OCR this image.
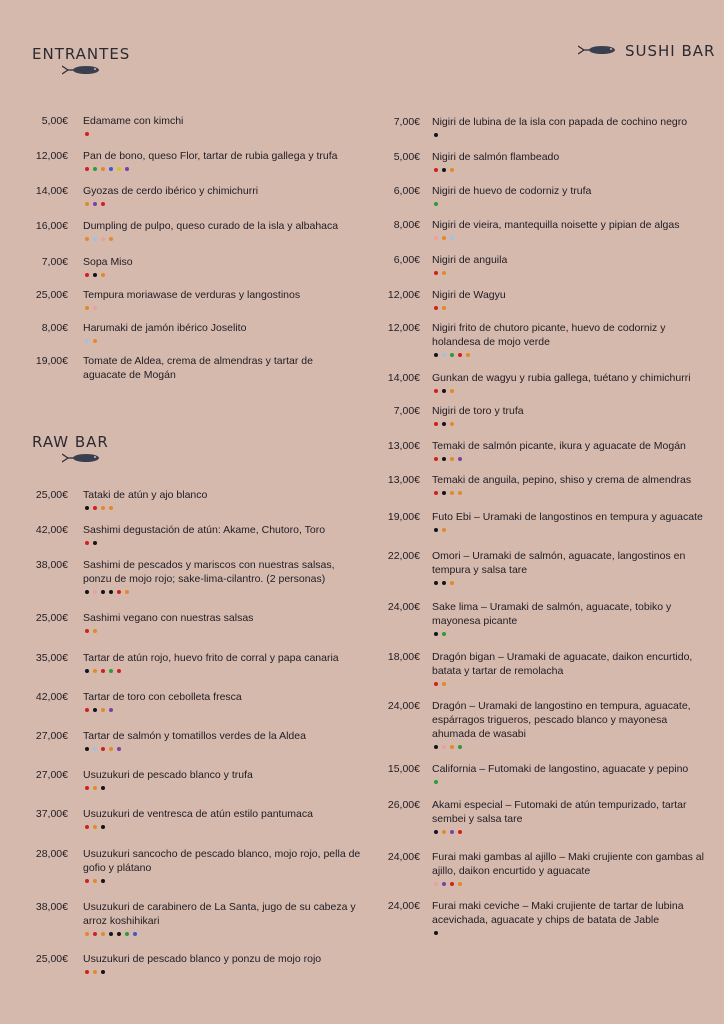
ENTRANTES	SUSHI BAR
RAW BAR
5,00€ Edamame con kimchi
12,00€ Pan de bono, queso Flor, tartar de rubia gallega y trufa
14,00€ Gyozas de cerdo ibérico y chimichurri
16,00€ Dumpling de pulpo, queso curado de la isla y albahaca
7,00€ Sopa Miso
25,00€ Tempura moriawase de verduras y langostinos
8,00€ Harumaki de jamón ibérico Joselito
19,00€ Tomate de Aldea, crema de almendras y tartar de aguacate de Mogán
25,00€ Tataki de atún y ajo blanco
42,00€ Sashimi degustación de atún: Akame, Chutoro, Toro
38,00€ Sashimi de pescados y mariscos con nuestras salsas, ponzu de mojo rojo; sake-lima-cilantro. (2 personas)
25,00€ Sashimi vegano con nuestras salsas
35,00€ Tartar de atún rojo, huevo frito de corral y papa canaria
42,00€ Tartar de toro con cebolleta fresca
27,00€ Tartar de salmón y tomatillos verdes de la Aldea
27,00€ Usuzukuri de pescado blanco y trufa
37,00€ Usuzukuri de ventresca de atún estilo pantumaca
28,00€ Usuzukuri sancocho de pescado blanco, mojo rojo, pella de gofio y plátano
38,00€ Usuzukuri de carabinero de La Santa, jugo de su cabeza y arroz koshihikari
25,00€ Usuzukuri de pescado blanco y ponzu de mojo rojo
7,00€ Nigiri de lubina de la isla con papada de cochino negro
5,00€ Nigiri de salmón flambeado
6,00€ Nigiri de huevo de codorniz y trufa
8,00€ Nigiri de vieira, mantequilla noisette y pipian de algas
6,00€ Nigiri de anguila
12,00€ Nigiri de Wagyu
12,00€ Nigiri frito de chutoro picante, huevo de codorniz y holandesa de mojo verde
14,00€ Gunkan de wagyu y rubia gallega, tuétano y chimichurri
7,00€ Nigiri de toro y trufa
13,00€ Temaki de salmón picante, ikura y aguacate de Mogán
13,00€ Temaki de anguila, pepino, shiso y crema de almendras
19,00€ Futo Ebi – Uramaki de langostinos en tempura y aguacate
22,00€ Omori – Uramaki de salmón, aguacate, langostinos en tempura y salsa tare
24,00€ Sake lima – Uramaki de salmón, aguacate, tobiko y mayonesa picante
18,00€ Dragón bigan – Uramaki de aguacate, daikon encurtido, batata y tartar de remolacha
24,00€ Dragón – Uramaki de langostino en tempura, aguacate, espárragos trigueros, pescado blanco y mayonesa ahumada de wasabi
15,00€ California – Futomaki de langostino, aguacate y pepino
26,00€ Akami especial – Futomaki de atún tempurizado, tartar sembei y salsa tare
24,00€ Furai maki gambas al ajillo – Maki crujiente con gambas al ajillo, daikon encurtido y aguacate
24,00€ Furai maki ceviche – Maki crujiente de tartar de lubina acevichada, aguacate y chips de batata de Jable
